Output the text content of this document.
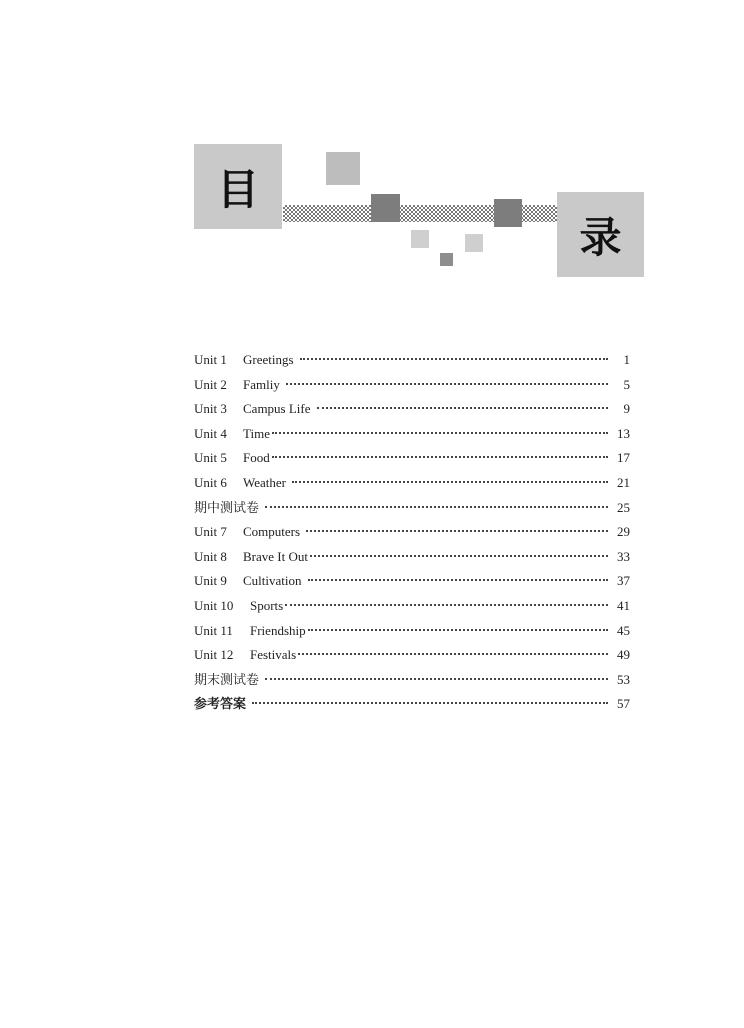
目
录
Unit 1	Greetings	1
Unit 2	Famliy	5
Unit 3	Campus Life	9
Unit 4	Time	13
Unit 5	Food	17
Unit 6	Weather	21
期中测试卷	25
Unit 7	Computers	29
Unit 8	Brave It Out	33
Unit 9	Cultivation	37
Unit 10	Sports	41
Unit 11	Friendship	45
Unit 12	Festivals	49
期末测试卷	53
参考答案	57
